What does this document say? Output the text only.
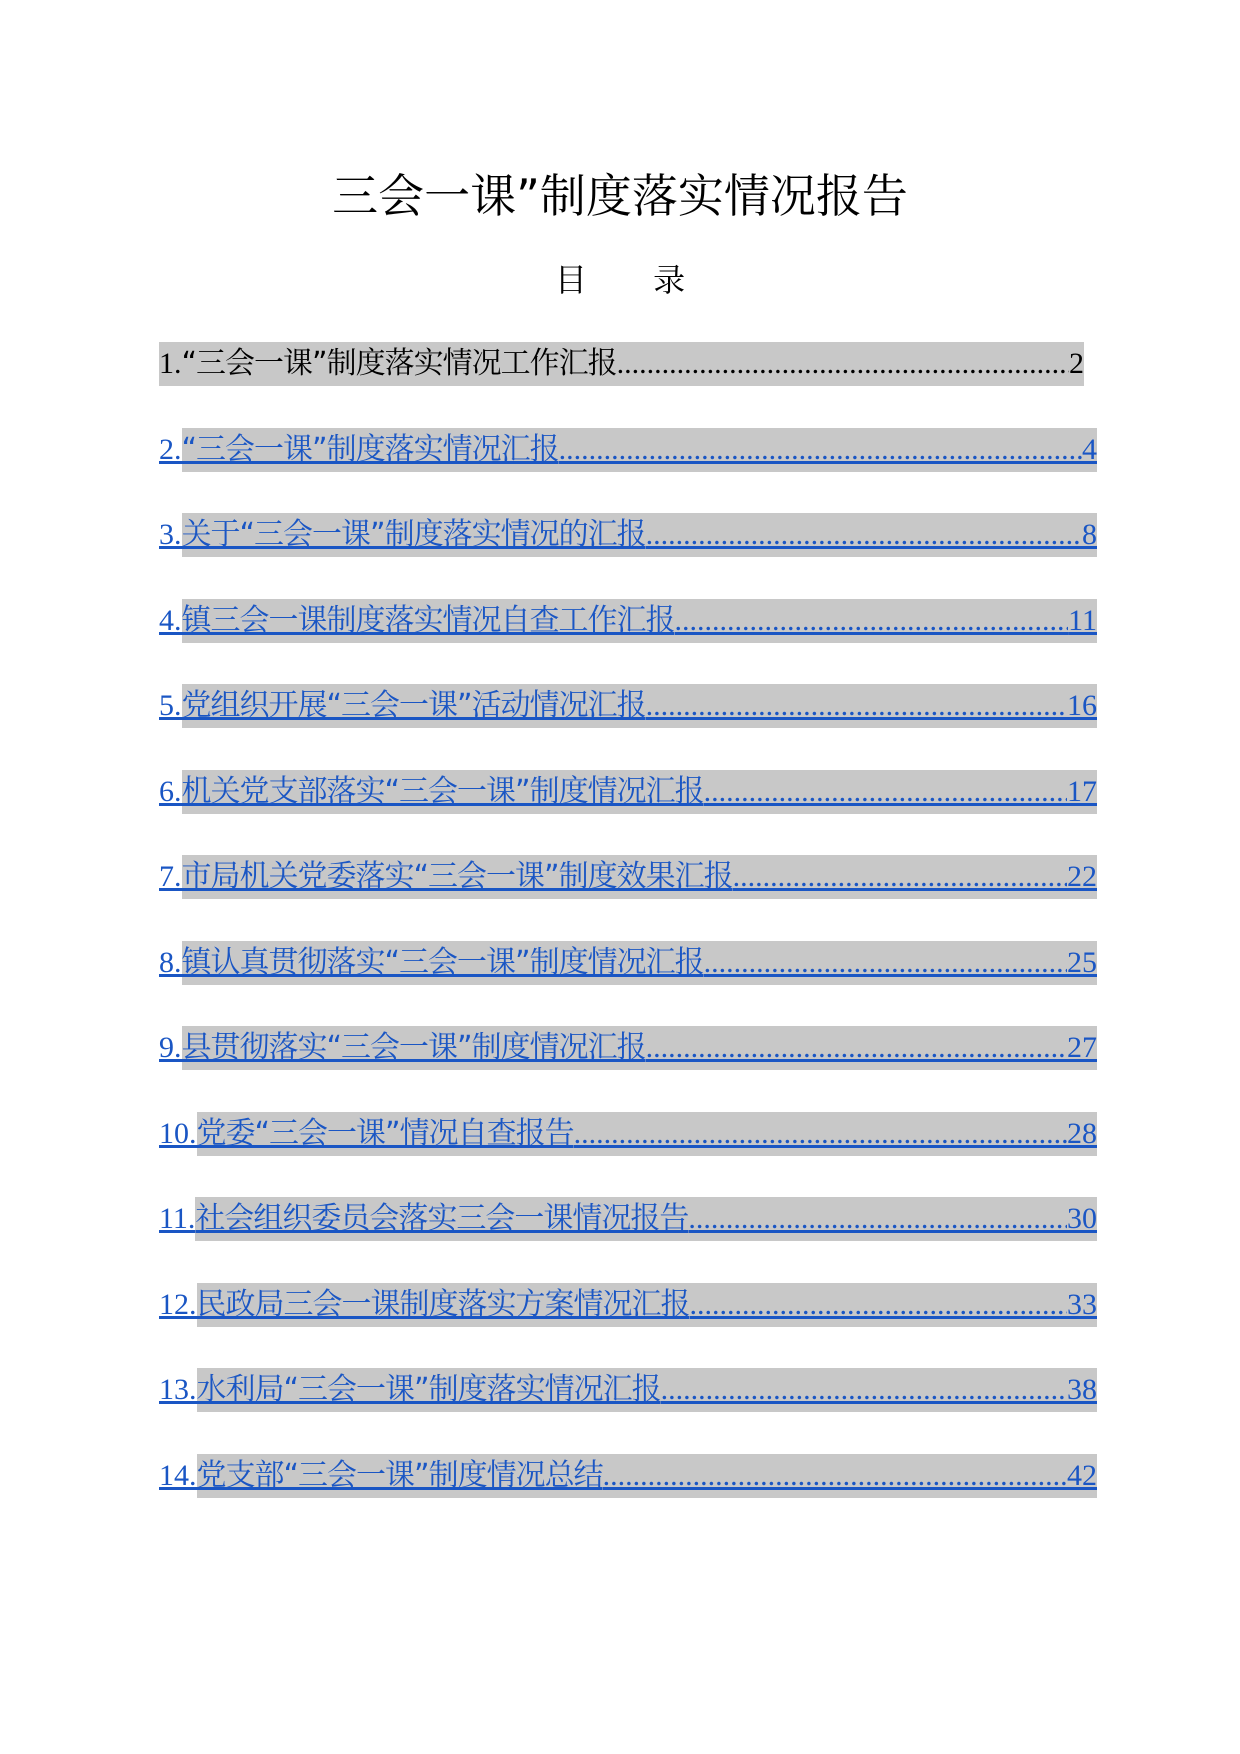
三会一课”制度落实情况报告
目 录
1. “三会一课”制度落实情况工作汇报 .....	2
2. “三会一课”制度落实情况汇报 .....	4
3. 关于“三会一课”制度落实情况的汇报 .....	8
4. 镇三会一课制度落实情况自查工作汇报 .....	11
5. 党组织开展“三会一课”活动情况汇报 .....	16
6. 机关党支部落实“三会一课”制度情况汇报 .....	17
7. 市局机关党委落实“三会一课”制度效果汇报 .....	22
8. 镇认真贯彻落实“三会一课”制度情况汇报 .....	25
9. 县贯彻落实“三会一课”制度情况汇报 .....	27
10. 党委“三会一课”情况自查报告 .....	28
11. 社会组织委员会落实三会一课情况报告 .....	30
12. 民政局三会一课制度落实方案情况汇报 .....	33
13. 水利局“三会一课”制度落实情况汇报 .....	38
14. 党支部“三会一课”制度情况总结 .....	42
